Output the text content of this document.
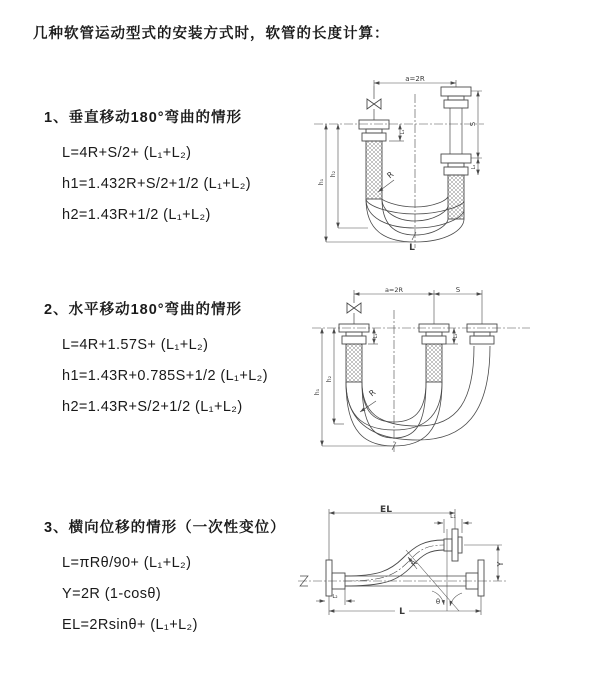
几种软管运动型式的安装方式时，软管的长度计算：
1、垂直移动180°弯曲的情形
L=4R+S/2+ (L₁+L₂)
h1=1.432R+S/2+1/2 (L₁+L₂)
h2=1.43R+1/2 (L₁+L₂)
2、水平移动180°弯曲的情形
L=4R+1.57S+ (L₁+L₂)
h1=1.43R+0.785S+1/2 (L₁+L₂)
h2=1.43R+S/2+1/2 (L₁+L₂)
3、横向位移的情形（一次性变位）
L=πRθ/90+ (L₁+L₂)
Y=2R (1-cosθ)
EL=2Rsinθ+ (L₁+L₂)
a=2R
S
L₂
L₁
h₂
h₁
R
L
a=2R	S
h₂
h₁
L₁	L₂
R
EL
L₁
Y
R
θ
L
L₂
